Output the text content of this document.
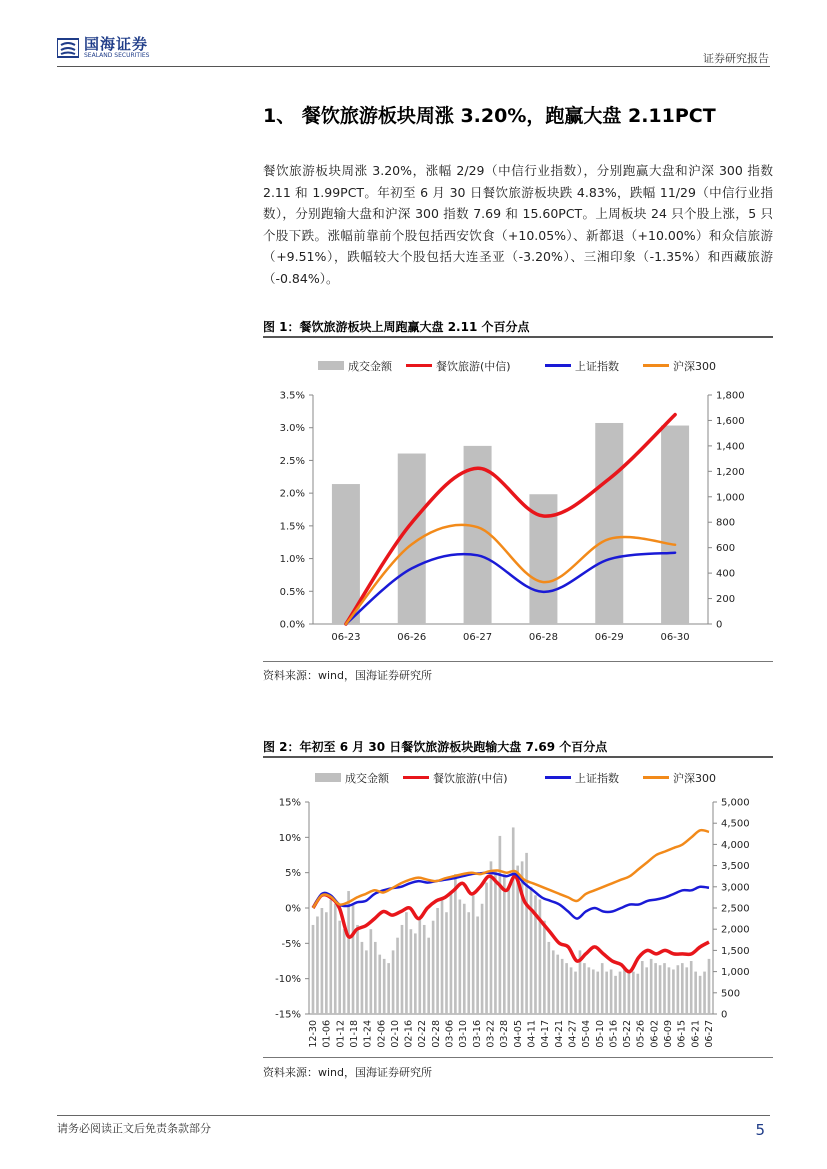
国海证券
SEALAND SECURITIES	证券研究报告
1、 餐饮旅游板块周涨 3.20%，跑赢大盘 2.11PCT
餐饮旅游板块周涨 3.20%，涨幅 2/29（中信行业指数），分别跑赢大盘和沪深 300 指数 2.11 和 1.99PCT。年初至 6 月 30 日餐饮旅游板块跌 4.83%，跌幅 11/29（中信行业指数），分别跑输大盘和沪深 300 指数 7.69 和 15.60PCT。上周板块 24 只个股上涨，5 只个股下跌。涨幅前靠前个股包括西安饮食（+10.05%）、新都退（+10.00%）和众信旅游（+9.51%），跌幅较大个股包括大连圣亚（-3.20%）、三湘印象（-1.35%）和西藏旅游（-0.84%）。
图 1：餐饮旅游板块上周跑赢大盘 2.11 个百分点
成交金额	餐饮旅游(中信)	上证指数	沪深300
0.0%
0.5%
1.0%
1.5%
2.0%
2.5%
3.0%
3.5%
0
200
400
600
800
1,000
1,200
1,400
1,600
1,800
06-23	06-26	06-27	06-28	06-29	06-30
资料来源：wind，国海证券研究所
图 2：年初至 6 月 30 日餐饮旅游板块跑输大盘 7.69 个百分点
成交金额	餐饮旅游(中信)	上证指数	沪深300
-15%
-10%
-5%
0%
5%
10%
15%
0
500
1,000
1,500
2,000
2,500
3,000
3,500
4,000
4,500
5,000
12-30 01-06 01-12 01-18 01-24 02-06 02-10 02-16 02-22 02-28 03-06 03-10 03-16 03-22 03-28 04-05 04-11 04-17 04-21 04-27 05-04 05-10 05-16 05-22 05-26 06-02 06-09 06-15 06-21 06-27
资料来源：wind，国海证券研究所
请务必阅读正文后免责条款部分	5
